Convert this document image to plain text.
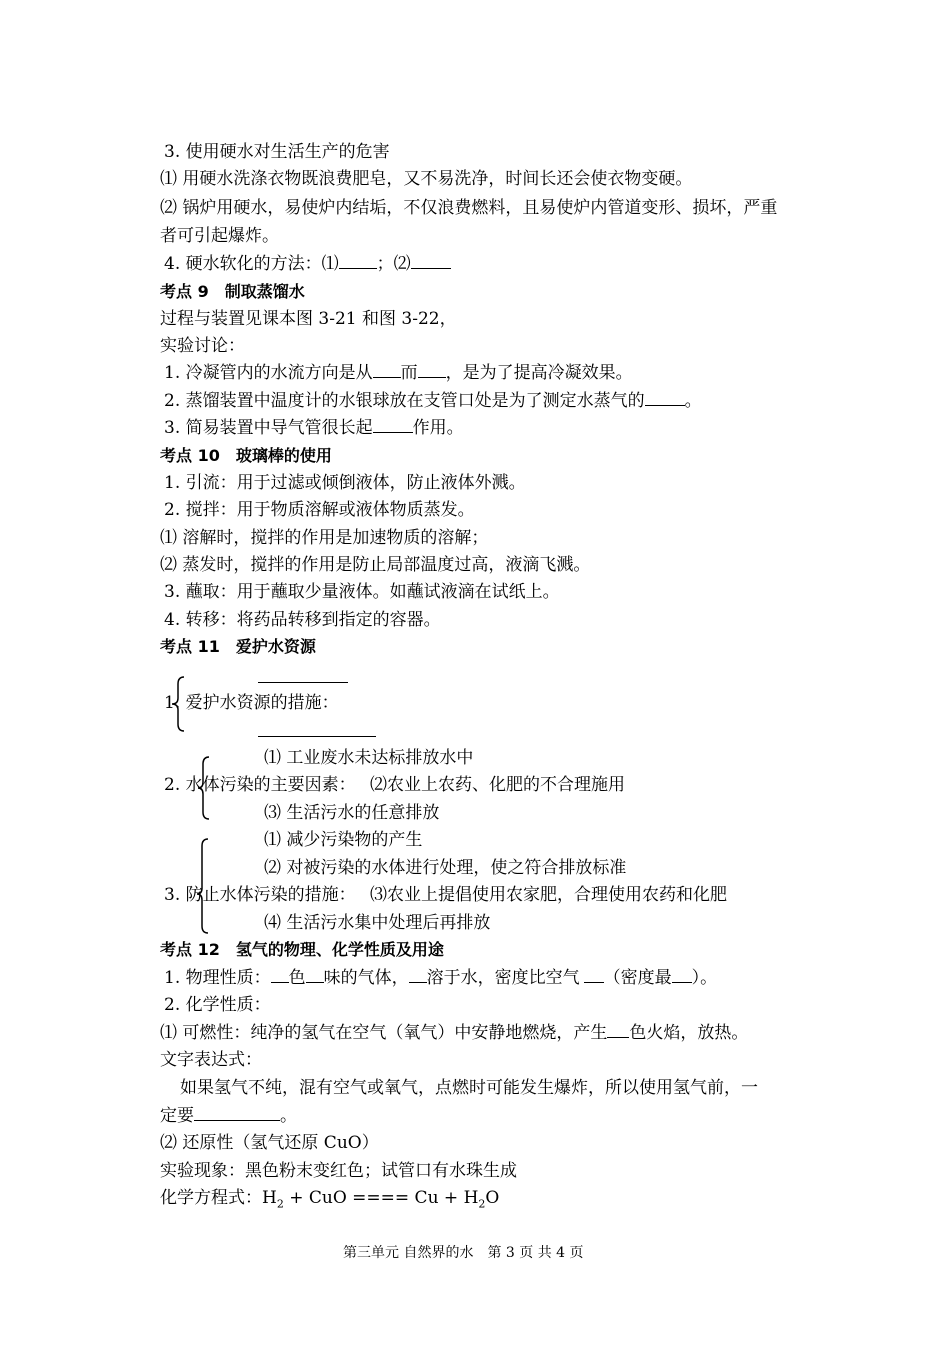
3. 使用硬水对生活生产的危害
⑴ 用硬水洗涤衣物既浪费肥皂，又不易洗净，时间长还会使衣物变硬。
⑵ 锅炉用硬水，易使炉内结垢，不仅浪费燃料，且易使炉内管道变形、损坏，严重
者可引起爆炸。
4. 硬水软化的方法：⑴ ；⑵
考点 9　制取蒸馏水
过程与装置见课本图 3-21 和图 3-22，
实验讨论：
1. 冷凝管内的水流方向是从 而 ，是为了提高冷凝效果。
2. 蒸馏装置中温度计的水银球放在支管口处是为了测定水蒸气的 。
3. 简易装置中导气管很长起 作用。
考点 10　玻璃棒的使用
1. 引流：用于过滤或倾倒液体，防止液体外溅。
2. 搅拌：用于物质溶解或液体物质蒸发。
⑴ 溶解时，搅拌的作用是加速物质的溶解；
⑵ 蒸发时，搅拌的作用是防止局部温度过高，液滴飞溅。
3. 蘸取：用于蘸取少量液体。如蘸试液滴在试纸上。
4. 转移：将药品转移到指定的容器。
考点 11　爱护水资源
1. 爱护水资源的措施：
⑴ 工业废水未达标排放水中
2. 水体污染的主要因素： ⑵农业上农药、化肥的不合理施用
⑶ 生活污水的任意排放
⑴ 减少污染物的产生
⑵ 对被污染的水体进行处理，使之符合排放标准
3. 防止水体污染的措施： ⑶农业上提倡使用农家肥，合理使用农药和化肥
⑷ 生活污水集中处理后再排放
考点 12　氢气的物理、化学性质及用途
1. 物理性质： 色 味的气体， 溶于水，密度比空气 （密度最 ）。
2. 化学性质：
⑴ 可燃性：纯净的氢气在空气（氧气）中安静地燃烧，产生 色火焰，放热。
文字表达式：
如果氢气不纯，混有空气或氧气，点燃时可能发生爆炸，所以使用氢气前，一
定要	。
⑵ 还原性（氢气还原 CuO）
实验现象：黑色粉末变红色；试管口有水珠生成
化学方程式：$H_2$ + CuO ==== $Cu + H_2O$
第三单元 自然界的水　第 3 页 共 4 页
